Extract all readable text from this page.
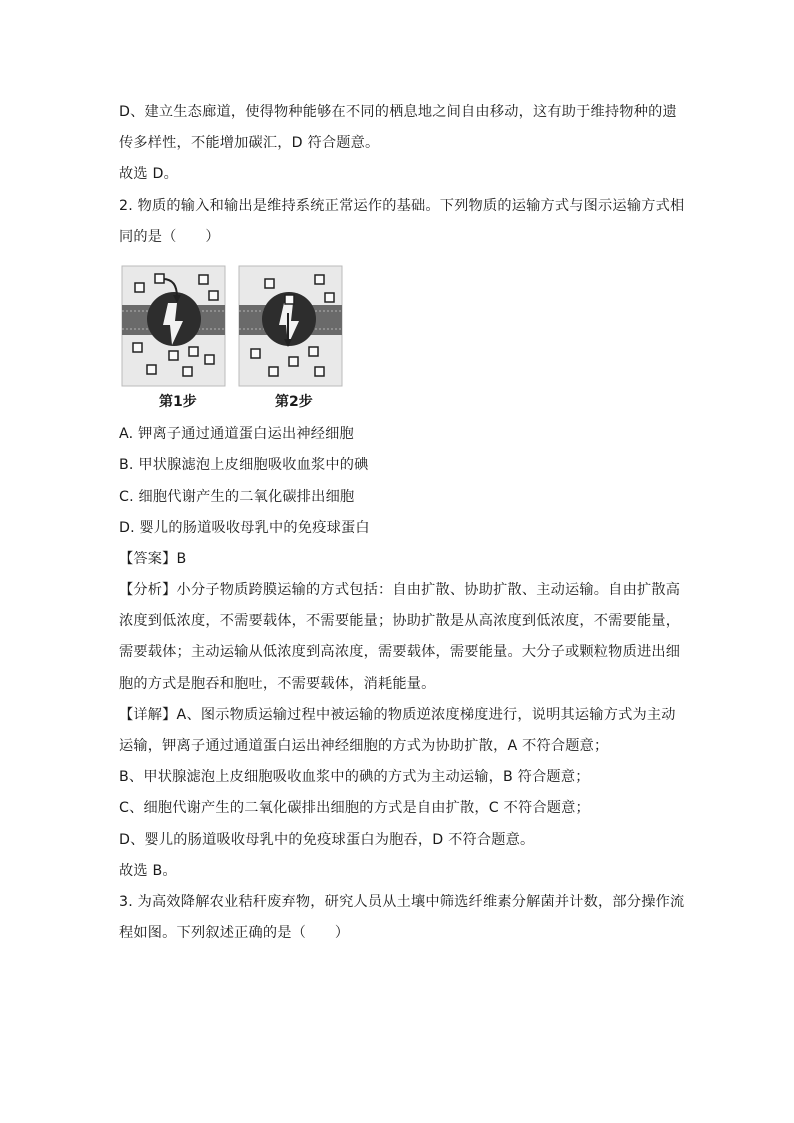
D、建立生态廊道，使得物种能够在不同的栖息地之间自由移动，这有助于维持物种的遗
传多样性，不能增加碳汇，D 符合题意。
故选 D。
2. 物质的输入和输出是维持系统正常运作的基础。下列物质的运输方式与图示运输方式相
同的是（　　）
第1步	第2步
A. 钾离子通过通道蛋白运出神经细胞
B. 甲状腺滤泡上皮细胞吸收血浆中的碘
C. 细胞代谢产生的二氧化碳排出细胞
D. 婴儿的肠道吸收母乳中的免疫球蛋白
【答案】B
【分析】小分子物质跨膜运输的方式包括：自由扩散、协助扩散、主动运输。自由扩散高
浓度到低浓度，不需要载体，不需要能量；协助扩散是从高浓度到低浓度，不需要能量，
需要载体；主动运输从低浓度到高浓度，需要载体，需要能量。大分子或颗粒物质进出细
胞的方式是胞吞和胞吐，不需要载体，消耗能量。
【详解】A、图示物质运输过程中被运输的物质逆浓度梯度进行，说明其运输方式为主动
运输，钾离子通过通道蛋白运出神经细胞的方式为协助扩散，A 不符合题意；
B、甲状腺滤泡上皮细胞吸收血浆中的碘的方式为主动运输，B 符合题意；
C、细胞代谢产生的二氧化碳排出细胞的方式是自由扩散，C 不符合题意；
D、婴儿的肠道吸收母乳中的免疫球蛋白为胞吞，D 不符合题意。
故选 B。
3. 为高效降解农业秸秆废弃物，研究人员从土壤中筛选纤维素分解菌并计数，部分操作流
程如图。下列叙述正确的是（　　）
